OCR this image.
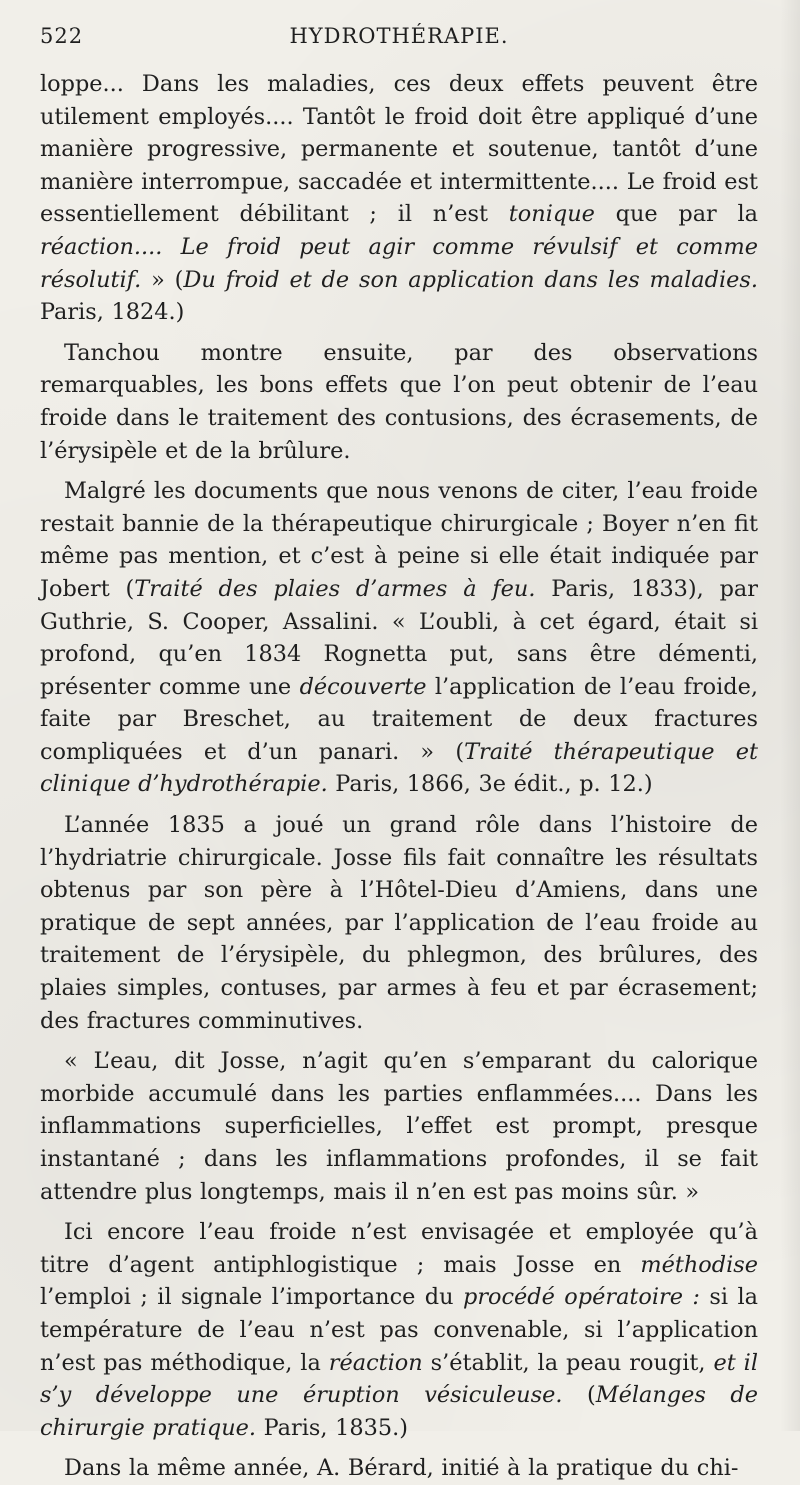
522	HYDROTHÉRAPIE.

loppe... Dans les maladies, ces deux effets peuvent être utilement employés.... Tantôt le froid doit être appliqué d’une manière progressive, permanente et soutenue, tantôt d’une manière interrompue, saccadée et intermittente.... Le froid est essentiellement débilitant ; il n’est tonique que par la réaction.... Le froid peut agir comme révulsif et comme résolutif. » (Du froid et de son application dans les maladies. Paris, 1824.)

Tanchou montre ensuite, par des observations remarquables, les bons effets que l’on peut obtenir de l’eau froide dans le traitement des contusions, des écrasements, de l’érysipèle et de la brûlure.

Malgré les documents que nous venons de citer, l’eau froide restait bannie de la thérapeutique chirurgicale ; Boyer n’en fit même pas mention, et c’est à peine si elle était indiquée par Jobert (Traité des plaies d’armes à feu. Paris, 1833), par Guthrie, S. Cooper, Assalini. « L’oubli, à cet égard, était si profond, qu’en 1834 Rognetta put, sans être démenti, présenter comme une découverte l’application de l’eau froide, faite par Breschet, au traitement de deux fractures compliquées et d’un panari. » (Traité thérapeutique et clinique d’hydrothérapie. Paris, 1866, 3e édit., p. 12.)

L’année 1835 a joué un grand rôle dans l’histoire de l’hydriatrie chirurgicale. Josse fils fait connaître les résultats obtenus par son père à l’Hôtel-Dieu d’Amiens, dans une pratique de sept années, par l’application de l’eau froide au traitement de l’érysipèle, du phlegmon, des brûlures, des plaies simples, contuses, par armes à feu et par écrasement; des fractures comminutives.

« L’eau, dit Josse, n’agit qu’en s’emparant du calorique morbide accumulé dans les parties enflammées.... Dans les inflammations superficielles, l’effet est prompt, presque instantané ; dans les inflammations profondes, il se fait attendre plus longtemps, mais il n’en est pas moins sûr. »

Ici encore l’eau froide n’est envisagée et employée qu’à titre d’agent antiphlogistique ; mais Josse en méthodise l’emploi ; il signale l’importance du procédé opératoire : si la température de l’eau n’est pas convenable, si l’application n’est pas méthodique, la réaction s’établit, la peau rougit, et il s’y développe une éruption vésiculeuse. (Mélanges de chirurgie pratique. Paris, 1835.)

Dans la même année, A. Bérard, initié à la pratique du chi-
